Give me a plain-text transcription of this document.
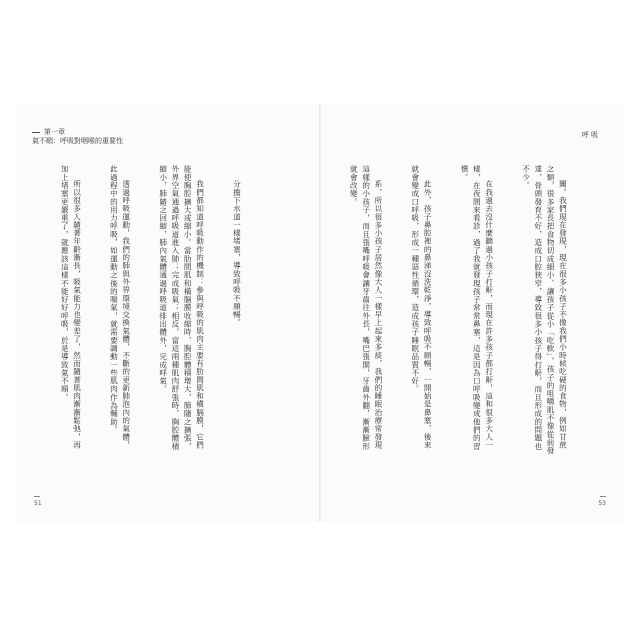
第一章
氣不順：呼吸對咽喉的重要性

分擔下水道一樣堵塞，導致呼吸不順暢。

我們都知道呼吸動作的機制：參與呼吸的肌肉主要有肋間肌和橫膈膜，它們能使胸腔擴大或縮小。當肋間肌和橫膈膜收縮時，胸腔體積增大，肺隨之擴張，外界空氣通過呼吸道進入肺；完成吸氣；相反，當這兩種肌肉舒張時，胸腔體積縮小，肺隨之回縮，肺內氣體通過呼吸道排出體外，完成呼氣。

透過呼吸運動，我們的肺與外界環境交換氣體，不斷的更新肺泡內的氣體，此過程中的用力呼吸，如運動之後的喘氣，就需要調動一些肌肉作為輔助。

所以很多人隨著年齡漸長，吸氣能力也變差了，然而隨著肌肉漸漸鬆弛，再加上堵塞更嚴重了，就應該這樣不能好好呼吸，於是導致氣不順。

51
呼吸

關。我們現在發現，現在很多小孩子不像我們小時候吃硬的食物，例如甘蔗之類，很多家長把食物切成細小、讓孩子從小「吃軟」，孩子的咀嚼肌不像從前發達，骨頭發育不好，造成口腔狹窄，導致很多小孩子得打鼾，而且形成的問題也不少。

在我過去沒什麼聽過小孩子打鼾，而現在許多孩子都打鼾，這和很多大人一樣，在夜間來看診，過了我就發現孩子常常鼻塞，這是因為口呼吸變成他們的習慣。

此外，孩子鼻腔裡的鼻涕沒洗乾淨，導致呼吸不順暢，一開始是鼻塞，後來就會變成口呼吸，形成一種惡性循環，造成孩子睡眠品質不好。

系，所以很多小孩子居然像大人一樣早上起來多痰，我們的睡眠治療常發現這樣的小孩子，而且張嘴呼吸會讓牙齒往外長，嘴巴張開，牙齒外翻，漸漸臉形就會改變。

53
